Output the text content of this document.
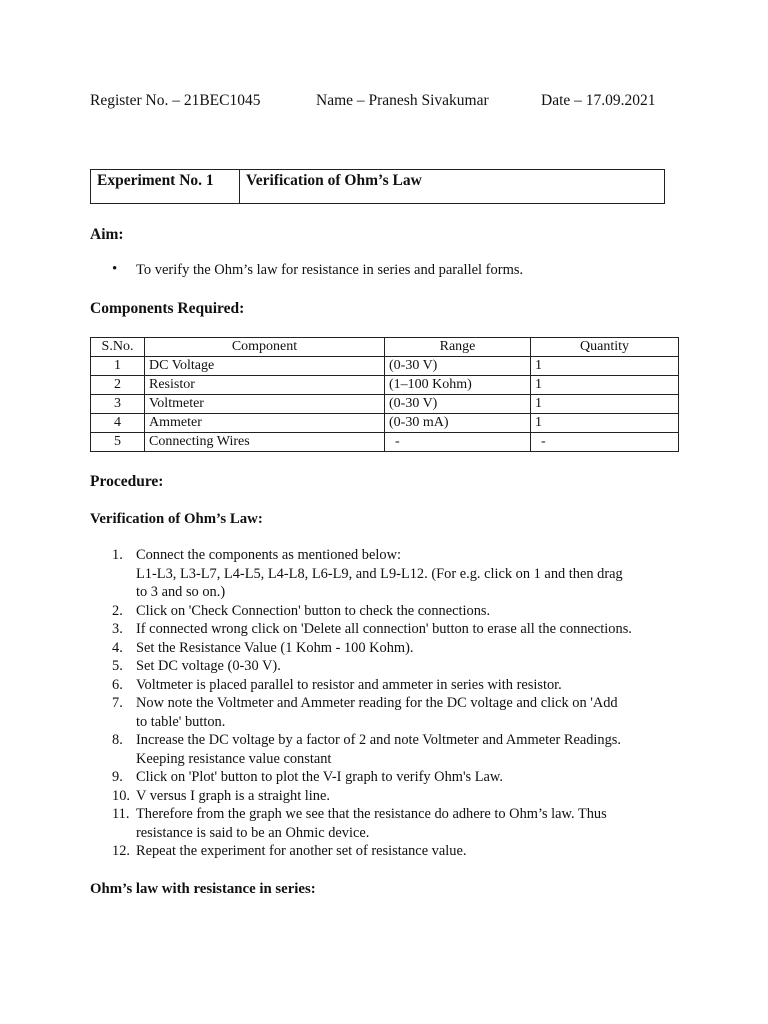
Register No. – 21BEC1045	Name – Pranesh Sivakumar	Date – 17.09.2021
Experiment No. 1	Verification of Ohm’s Law
Aim:
• To verify the Ohm’s law for resistance in series and parallel forms.
Components Required:
S.No.	Component	Range	Quantity
1	DC Voltage	(0-30 V)	1
2	Resistor	(1–100 Kohm)	1
3	Voltmeter	(0-30 V)	1
4	Ammeter	(0-30 mA)	1
5	Connecting Wires	-	-
Procedure:
Verification of Ohm’s Law:
1. Connect the components as mentioned below:
L1-L3, L3-L7, L4-L5, L4-L8, L6-L9, and L9-L12. (For e.g. click on 1 and then drag
to 3 and so on.)
2. Click on 'Check Connection' button to check the connections.
3. If connected wrong click on 'Delete all connection' button to erase all the connections.
4. Set the Resistance Value (1 Kohm - 100 Kohm).
5. Set DC voltage (0-30 V).
6. Voltmeter is placed parallel to resistor and ammeter in series with resistor.
7. Now note the Voltmeter and Ammeter reading for the DC voltage and click on 'Add
to table' button.
8. Increase the DC voltage by a factor of 2 and note Voltmeter and Ammeter Readings.
Keeping resistance value constant
9. Click on 'Plot' button to plot the V-I graph to verify Ohm's Law.
10. V versus I graph is a straight line.
11. Therefore from the graph we see that the resistance do adhere to Ohm’s law. Thus
resistance is said to be an Ohmic device.
12. Repeat the experiment for another set of resistance value.
Ohm’s law with resistance in series:
